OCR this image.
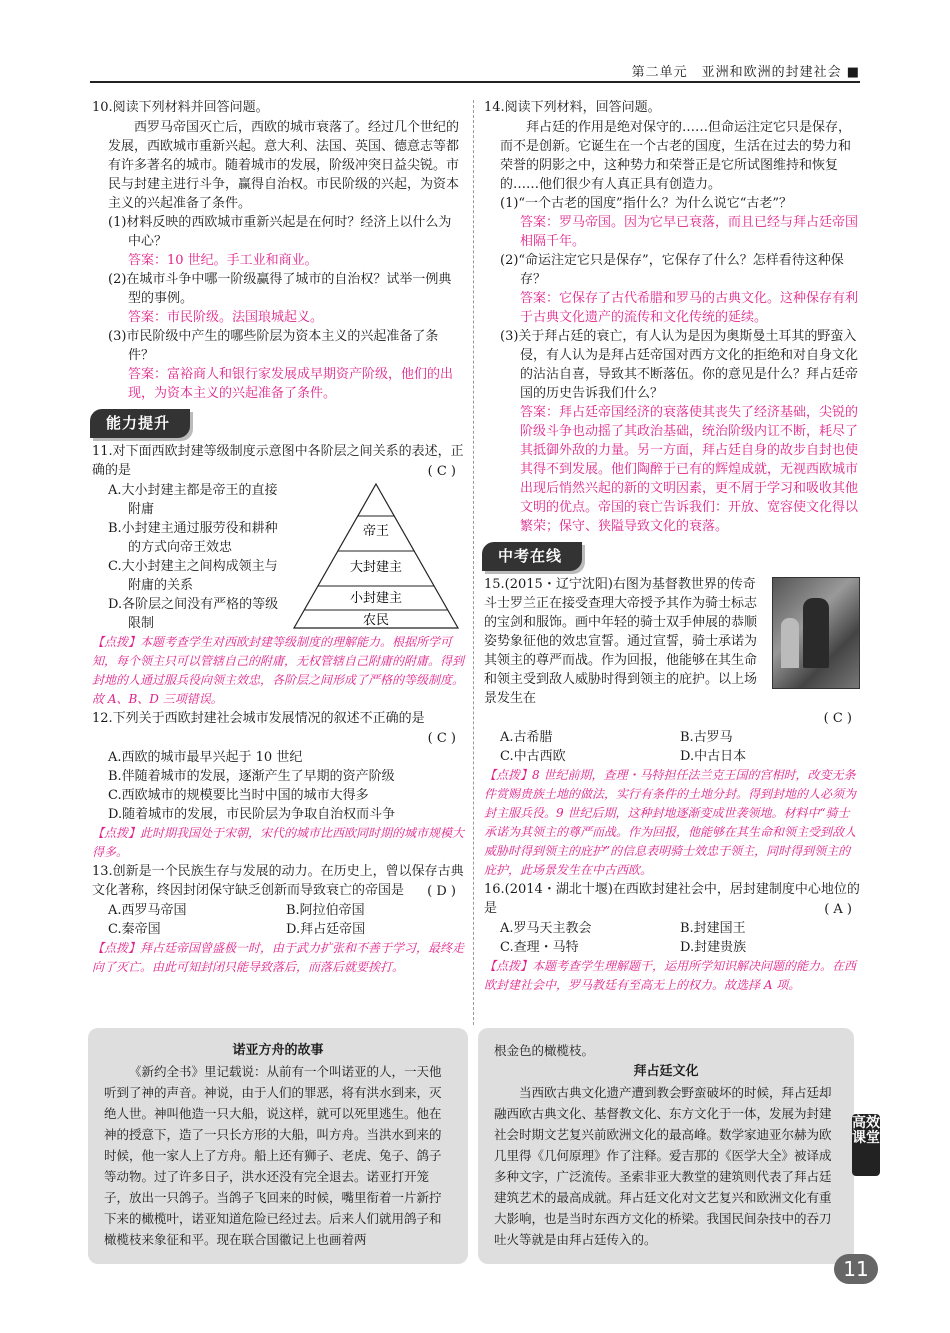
第二单元　亚洲和欧洲的封建社会 ■
10.阅读下列材料并回答问题。
西罗马帝国灭亡后，西欧的城市衰落了。经过几个世纪的发展，西欧城市重新兴起。意大利、法国、英国、德意志等都有许多著名的城市。随着城市的发展，阶级冲突日益尖锐。市民与封建主进行斗争，赢得自治权。市民阶级的兴起，为资本主义的兴起准备了条件。
(1)材料反映的西欧城市重新兴起是在何时？经济上以什么为中心？
答案：10 世纪。手工业和商业。
(2)在城市斗争中哪一阶级赢得了城市的自治权？试举一例典型的事例。
答案：市民阶级。法国琅城起义。
(3)市民阶级中产生的哪些阶层为资本主义的兴起准备了条件？
答案：富裕商人和银行家发展成早期资产阶级，他们的出现，为资本主义的兴起准备了条件。
能力提升
11.对下面西欧封建等级制度示意图中各阶层之间关系的表述，正确的是	( C )
帝王
大封建主
小封建主
农民
A.大小封建主都是帝王的直接附庸
B.小封建主通过服劳役和耕种的方式向帝王效忠
C.大小封建主之间构成领主与附庸的关系
D.各阶层之间没有严格的等级限制
【点拨】本题考查学生对西欧封建等级制度的理解能力。根据所学可知，每个领主只可以管辖自己的附庸，无权管辖自己附庸的附庸。得到封地的人通过服兵役向领主效忠，各阶层之间形成了严格的等级制度。故 A、B、D 三项错误。
12.下列关于西欧封建社会城市发展情况的叙述不正确的是
( C )
A.西欧的城市最早兴起于 10 世纪
B.伴随着城市的发展，逐渐产生了早期的资产阶级
C.西欧城市的规模要比当时中国的城市大得多
D.随着城市的发展，市民阶层为争取自治权而斗争
【点拨】此时期我国处于宋朝，宋代的城市比西欧同时期的城市规模大得多。
13.创新是一个民族生存与发展的动力。在历史上，曾以保存古典文化著称，终因封闭保守缺乏创新而导致衰亡的帝国是	( D )
A.西罗马帝国	B.阿拉伯帝国
C.秦帝国	D.拜占廷帝国
【点拨】拜占廷帝国曾盛极一时，由于武力扩张和不善于学习，最终走向了灭亡。由此可知封闭只能导致落后，而落后就要挨打。
14.阅读下列材料，回答问题。
拜占廷的作用是绝对保守的……但命运注定它只是保存，而不是创新。它诞生在一个古老的国度，生活在过去的势力和荣誉的阴影之中，这种势力和荣誉正是它所试图维持和恢复的……他们很少有人真正具有创造力。
(1)“一个古老的国度”指什么？为什么说它“古老”？
答案：罗马帝国。因为它早已衰落，而且已经与拜占廷帝国相隔千年。
(2)“命运注定它只是保存”，它保存了什么？怎样看待这种保存？
答案：它保存了古代希腊和罗马的古典文化。这种保存有利于古典文化遗产的流传和文化传统的延续。
(3)关于拜占廷的衰亡，有人认为是因为奥斯曼土耳其的野蛮入侵，有人认为是拜占廷帝国对西方文化的拒绝和对自身文化的沾沾自喜，导致其不断落伍。你的意见是什么？拜占廷帝国的历史告诉我们什么？
答案：拜占廷帝国经济的衰落使其丧失了经济基础，尖锐的阶级斗争也动摇了其政治基础，统治阶级内讧不断，耗尽了其抵御外敌的力量。另一方面，拜占廷自身的故步自封也使其得不到发展。他们陶醉于已有的辉煌成就，无视西欧城市出现后悄然兴起的新的文明因素，更不屑于学习和吸收其他文明的优点。帝国的衰亡告诉我们：开放、宽容使文化得以繁荣；保守、狭隘导致文化的衰落。
中考在线
15.(2015・辽宁沈阳)右图为基督教世界的传奇斗士罗兰正在接受查理大帝授予其作为骑士标志的宝剑和服饰。画中年轻的骑士双手伸展的恭顺姿势象征他的效忠宣誓。通过宣誓，骑士承诺为其领主的尊严而战。作为回报，他能够在其生命和领主受到敌人威胁时得到领主的庇护。以上场景发生在
( C )
A.古希腊	B.古罗马
C.中古西欧	D.中古日本
【点拨】8 世纪前期，查理・马特担任法兰克王国的宫相时，改变无条件赏赐贵族土地的做法，实行有条件的土地分封。得到封地的人必须为封主服兵役。9 世纪后期，这种封地逐渐变成世袭领地。材料中“骑士承诺为其领主的尊严而战。作为回报，他能够在其生命和领主受到敌人威胁时得到领主的庇护”的信息表明骑士效忠于领主，同时得到领主的庇护，此场景发生在中古西欧。
16.(2014・湖北十堰)在西欧封建社会中，居封建制度中心地位的是	( A )
A.罗马天主教会	B.封建国王
C.查理・马特	D.封建贵族
【点拨】本题考查学生理解题干，运用所学知识解决问题的能力。在西欧封建社会中，罗马教廷有至高无上的权力。故选择 A 项。
诺亚方舟的故事
《新约全书》里记载说：从前有一个叫诺亚的人，一天他听到了神的声音。神说，由于人们的罪恶，将有洪水到来，灭绝人世。神叫他造一只大船，说这样，就可以死里逃生。他在神的授意下，造了一只长方形的大船，叫方舟。当洪水到来的时候，他一家人上了方舟。船上还有狮子、老虎、兔子、鸽子等动物。过了许多日子，洪水还没有完全退去。诺亚打开笼子，放出一只鸽子。当鸽子飞回来的时候，嘴里衔着一片新拧下来的橄榄叶，诺亚知道危险已经过去。后来人们就用鸽子和橄榄枝来象征和平。现在联合国徽记上也画着两
根金色的橄榄枝。
拜占廷文化
当西欧古典文化遗产遭到教会野蛮破坏的时候，拜占廷却融西欧古典文化、基督教文化、东方文化于一体，发展为封建社会时期文艺复兴前欧洲文化的最高峰。数学家迪亚尔赫为欧几里得《几何原理》作了注释。爱吉那的《医学大全》被译成多种文字，广泛流传。圣索非亚大教堂的建筑则代表了拜占廷建筑艺术的最高成就。拜占廷文化对文艺复兴和欧洲文化有重大影响，也是当时东西方文化的桥梁。我国民间杂技中的吞刀吐火等就是由拜占廷传入的。
高效课堂
11
